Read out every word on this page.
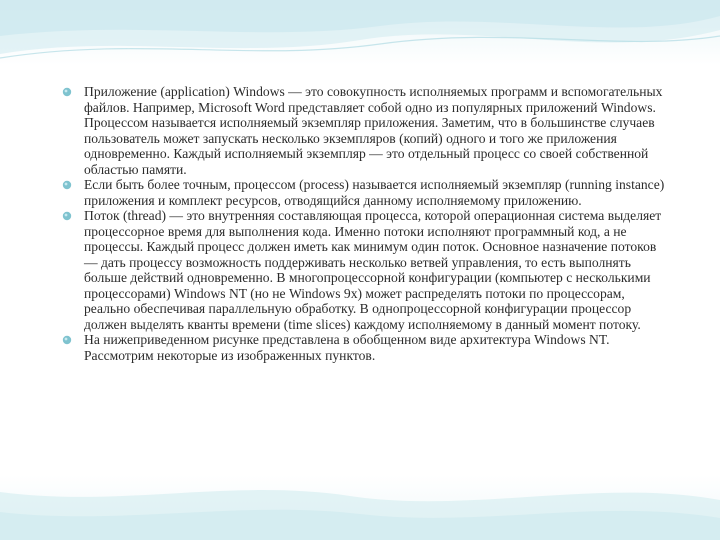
Приложение (application) Windows — это совокупность исполняемых программ и вспомогательных файлов. Например, Microsoft Word представляет собой одно из популярных приложений Windows. Процессом называется исполняемый экземпляр приложения. Заметим, что в большинстве случаев пользователь может запускать несколько экземпляров (копий) одного и того же приложения одновременно. Каждый исполняемый экземпляр — это отдельный процесс со своей собственной областью памяти.
Если быть более точным, процессом (process) называется исполняемый экземпляр (running instance) приложения и комплект ресурсов, отводящийся данному исполняемому приложению.
Поток (thread) — это внутренняя составляющая процесса, которой операционная система выделяет процессорное время для выполнения кода. Именно потоки исполняют программный код, а не процессы. Каждый процесс должен иметь как минимум один поток. Основное назначение потоков — дать процессу возможность поддерживать несколько ветвей управления, то есть выполнять больше действий одновременно. В многопроцессорной конфигурации (компьютер с несколькими процессорами) Windows NT (но не Windows 9x) может распределять потоки по процессорам, реально обеспечивая параллельную обработку. В однопроцессорной конфигурации процессор должен выделять кванты времени (time slices) каждому исполняемому в данный момент потоку.
На нижеприведенном рисунке представлена в обобщенном виде архитектура Windows NT. Рассмотрим некоторые из изображенных пунктов.
